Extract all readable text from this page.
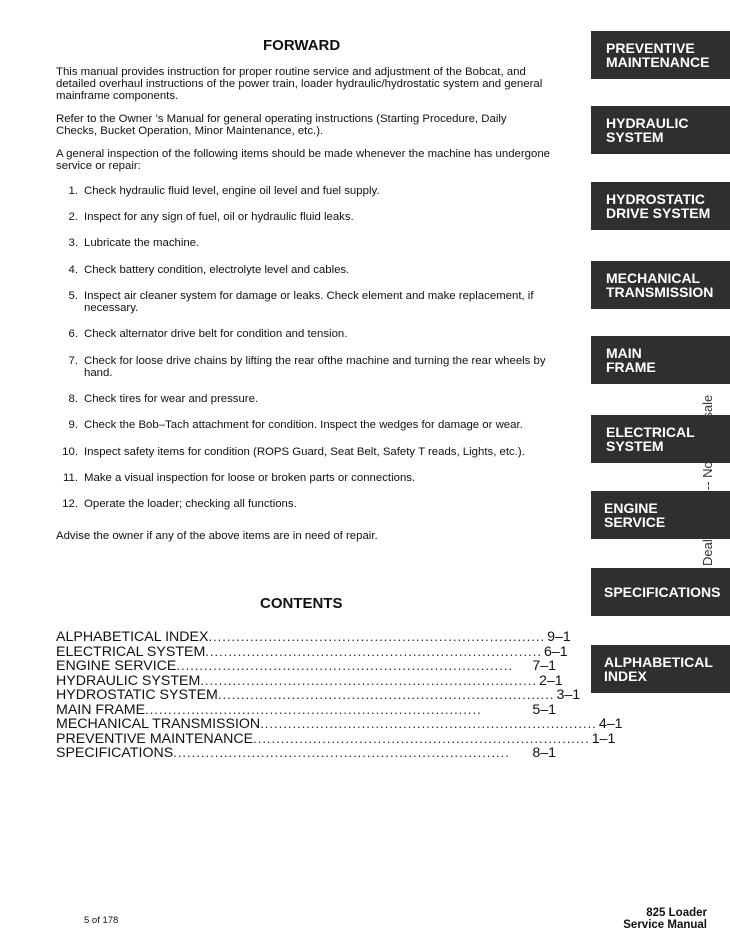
FORWARD

This manual provides instruction for proper routine service and adjustment of the Bobcat, and detailed overhaul instructions of the power train, loader hydraulic/hydrostatic system and general mainframe components.

Refer to the Owner ’s Manual for general operating instructions (Starting Procedure, Daily Checks, Bucket Operation, Minor Maintenance, etc.).

A general inspection of the following items should be made whenever the machine has undergone service or repair:

1. Check hydraulic fluid level, engine oil level and fuel supply.
2. Inspect for any sign of fuel, oil or hydraulic fluid leaks.
3. Lubricate the machine.
4. Check battery condition, electrolyte level and cables.
5. Inspect air cleaner system for damage or leaks. Check element and make replacement, if necessary.
6. Check alternator drive belt for condition and tension.
7. Check for loose drive chains by lifting the rear ofthe machine and turning the rear wheels by hand.
8. Check tires for wear and pressure.
9. Check the Bob–Tach attachment for condition. Inspect the wedges for damage or wear.
10. Inspect safety items for condition (ROPS Guard, Seat Belt, Safety T reads, Lights, etc.).
11. Make a visual inspection for loose or broken parts or connections.
12. Operate the loader; checking all functions.

Advise the owner if any of the above items are in need of repair.

CONTENTS
ALPHABETICAL INDEX ......................................................................... 9–1
ELECTRICAL SYSTEM ......................................................................... 6–1
ENGINE SERVICE .........................................................................	7–1
HYDRAULIC SYSTEM ......................................................................... 2–1
HYDROSTATIC SYSTEM ......................................................................... 3–1
MAIN FRAME .........................................................................	5–1
MECHANICAL TRANSMISSION ......................................................................... 4–1
PREVENTIVE MAINTENANCE ......................................................................... 1–1
SPECIFICATIONS .........................................................................	8–1
PREVENTIVE
MAINTENANCE
HYDRAULIC
SYSTEM
HYDROSTATIC
DRIVE SYSTEM
MECHANICAL
TRANSMISSION
MAIN
FRAME
ELECTRICAL
SYSTEM
ENGINE
SERVICE
SPECIFICATIONS
ALPHABETICAL
INDEX
Dealer Copy -- Not for Resale
5 of 178
825 Loader
Service Manual
